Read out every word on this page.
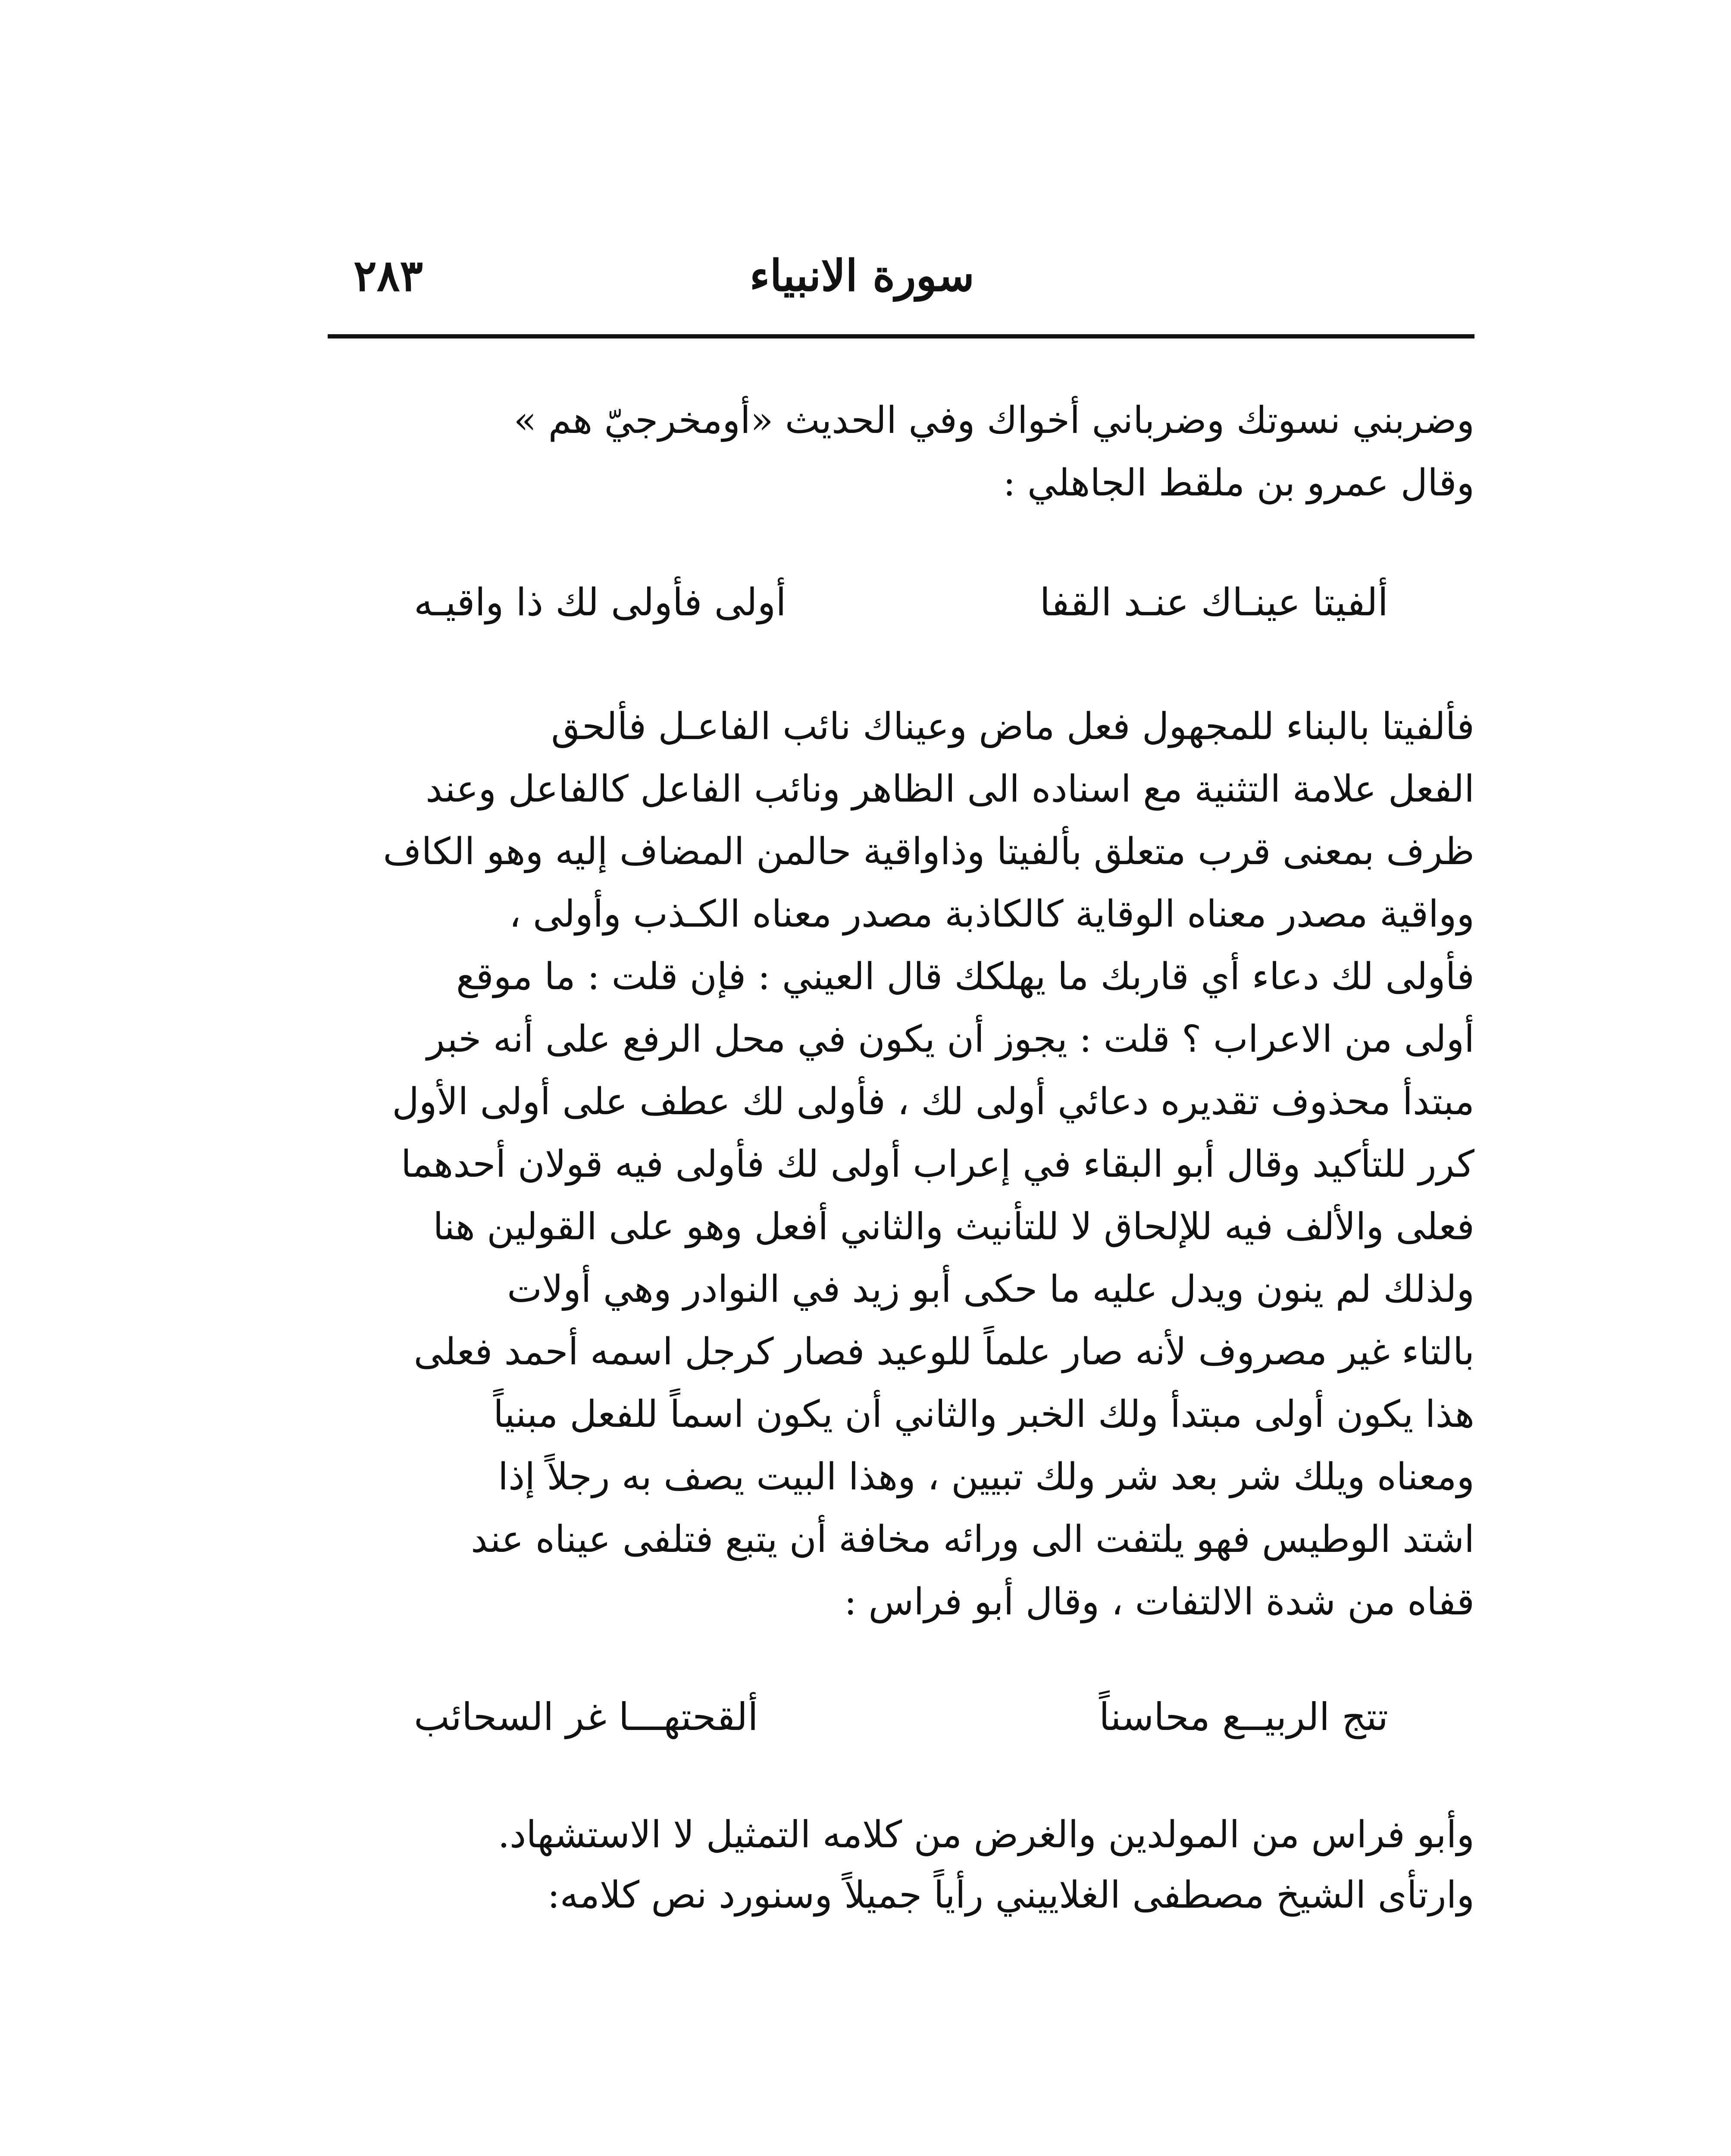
سورة الانبياء
٢٨٣
وضربني نسوتك وضرباني أخواك وفي الحديث «أومخرجيّ هم »
وقال عمرو بن ملقط الجاهلي :
ألفيتا عينـاك عنـد القفا
أولى فأولى لك ذا واقيـه
فألفيتا بالبناء للمجهول فعل ماض وعيناك نائب الفاعـل فألحق
الفعل علامة التثنية مع اسناده الى الظاهر ونائب الفاعل كالفاعل وعند
ظرف بمعنى قرب متعلق بألفيتا وذاواقية حالمن المضاف إليه وهو الكاف
وواقية مصدر معناه الوقاية كالكاذبة مصدر معناه الكـذب وأولى ،
فأولى لك دعاء أي قاربك ما يهلكك قال العيني : فإن قلت : ما موقع
أولى من الاعراب ؟ قلت : يجوز أن يكون في محل الرفع على أنه خبر
مبتدأ محذوف تقديره دعائي أولى لك ، فأولى لك عطف على أولى الأول
كرر للتأكيد وقال أبو البقاء في إعراب أولى لك فأولى فيه قولان أحدهما
فعلى والألف فيه للإلحاق لا للتأنيث والثاني أفعل وهو على القولين هنا
ولذلك لم ينون ويدل عليه ما حكى أبو زيد في النوادر وهي أولات
بالتاء غير مصروف لأنه صار علماً للوعيد فصار كرجل اسمه أحمد فعلى
هذا يكون أولى مبتدأ ولك الخبر والثاني أن يكون اسماً للفعل مبنياً
ومعناه ويلك شر بعد شر ولك تبيين ، وهذا البيت يصف به رجلاً إذا
اشتد الوطيس فهو يلتفت الى ورائه مخافة أن يتبع فتلفى عيناه عند
قفاه من شدة الالتفات ، وقال أبو فراس :
تتج الربيــع محاسناً
ألقحتهـــا غر السحائب
وأبو فراس من المولدين والغرض من كلامه التمثيل لا الاستشهاد.
وارتأى الشيخ مصطفى الغلاييني رأياً جميلاً وسنورد نص كلامه:
